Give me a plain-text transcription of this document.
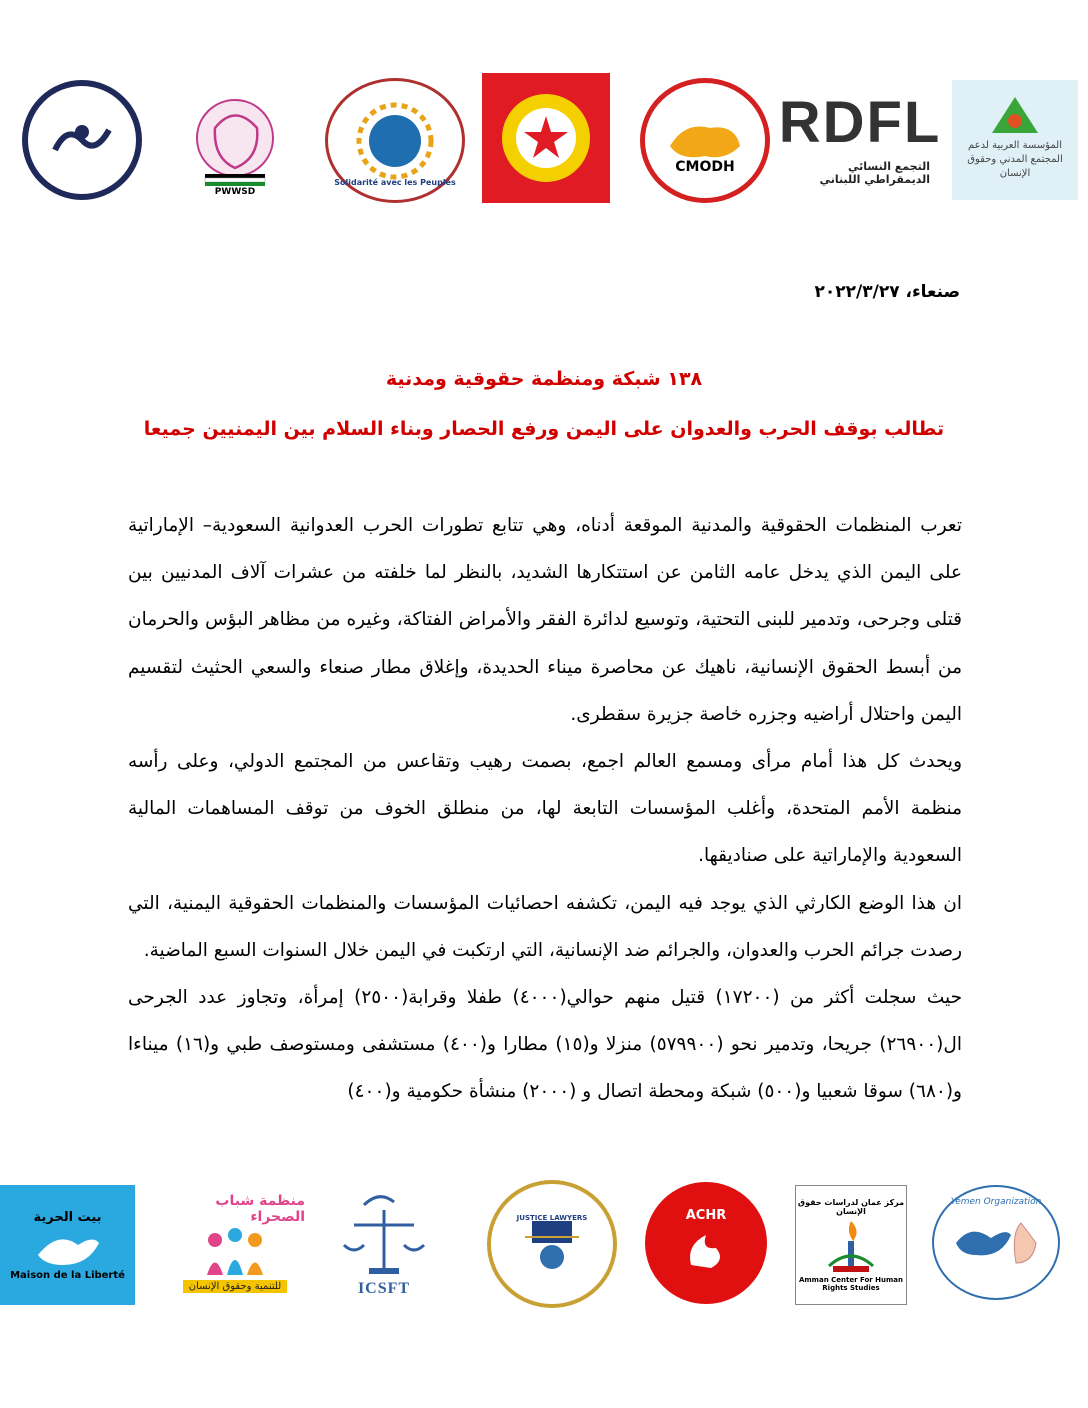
PWWSD
Solidarité avec les Peuples
CMODH
RDFL
التجمع النسائي الديمقراطي اللبناني
المؤسسة العربية لدعم المجتمع المدني وحقوق الإنسان
صنعاء، ٢٠٢٢/٣/٢٧
١٣٨ شبكة ومنظمة حقوقية ومدنية
تطالب بوقف الحرب والعدوان على اليمن ورفع الحصار وبناء السلام بين اليمنيين جميعا

تعرب المنظمات الحقوقية والمدنية الموقعة أدناه، وهي تتابع تطورات الحرب العدوانية السعودية– الإماراتية على اليمن الذي يدخل عامه الثامن عن استتكارها الشديد، بالنظر لما خلفته من عشرات آلاف المدنيين بين قتلى وجرحى، وتدمير للبنى التحتية، وتوسيع لدائرة الفقر والأمراض الفتاكة، وغيره من مظاهر البؤس والحرمان من أبسط الحقوق الإنسانية، ناهيك عن محاصرة ميناء الحديدة، وإغلاق مطار صنعاء والسعي الحثيث لتقسيم اليمن واحتلال أراضيه وجزره خاصة جزيرة سقطرى.

ويحدث كل هذا أمام مرأى ومسمع العالم اجمع، بصمت رهيب وتقاعس من المجتمع الدولي، وعلى رأسه منظمة الأمم المتحدة، وأغلب المؤسسات التابعة لها، من منطلق الخوف من توقف المساهمات المالية السعودية والإماراتية على صناديقها.

ان هذا الوضع الكارثي الذي يوجد فيه اليمن، تكشفه احصائيات المؤسسات والمنظمات الحقوقية اليمنية، التي رصدت جرائم الحرب والعدوان، والجرائم ضد الإنسانية، التي ارتكبت في اليمن خلال السنوات السبع الماضية.

حيث سجلت أكثر من (١٧٢٠٠) قتيل منهم حوالي(٤٠٠٠) طفلا وقرابة(٢٥٠٠) إمرأة، وتجاوز عدد الجرحى ال(٢٦٩٠٠) جريحا، وتدمير نحو (٥٧٩٩٠٠) منزلا و(١٥) مطارا و(٤٠٠) مستشفى ومستوصف طبي و(١٦) ميناءا و(٦٨٠) سوقا شعبيا و(٥٠٠) شبكة ومحطة اتصال و (٢٠٠٠) منشأة حكومية و(٤٠٠)

بيت الحرية
Maison de la Liberté
منظمة شباب الصحراء
للتنمية وحقوق الإنسان	ICSFT
JUSTICE LAWYERS	ACHR
مركز عمان لدراسات حقوق الإنسان
Amman Center For Human Rights Studies
Yemen Organization
